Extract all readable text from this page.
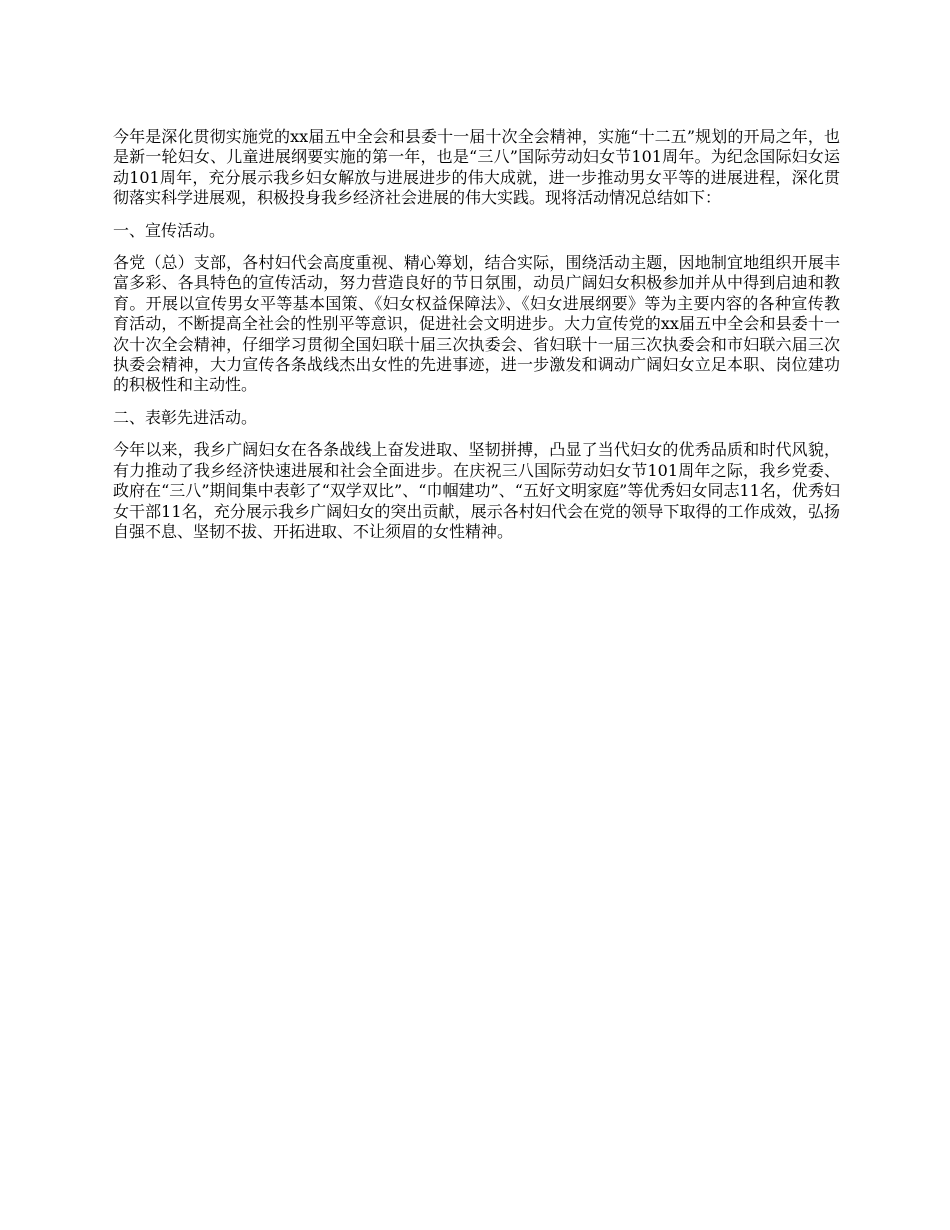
今年是深化贯彻实施党的xx届五中全会和县委十一届十次全会精神，实施“十二五”规划的开局之年，也是新一轮妇女、儿童进展纲要实施的第一年，也是“三八”国际劳动妇女节101周年。为纪念国际妇女运动101周年，充分展示我乡妇女解放与进展进步的伟大成就，进一步推动男女平等的进展进程，深化贯彻落实科学进展观，积极投身我乡经济社会进展的伟大实践。现将活动情况总结如下：

一、宣传活动。

各党（总）支部，各村妇代会高度重视、精心筹划，结合实际，围绕活动主题，因地制宜地组织开展丰富多彩、各具特色的宣传活动，努力营造良好的节日氛围，动员广阔妇女积极参加并从中得到启迪和教育。开展以宣传男女平等基本国策、《妇女权益保障法》、《妇女进展纲要》等为主要内容的各种宣传教育活动，不断提高全社会的性别平等意识，促进社会文明进步。大力宣传党的xx届五中全会和县委十一次十次全会精神，仔细学习贯彻全国妇联十届三次执委会、省妇联十一届三次执委会和市妇联六届三次执委会精神，大力宣传各条战线杰出女性的先进事迹，进一步激发和调动广阔妇女立足本职、岗位建功的积极性和主动性。

二、表彰先进活动。

今年以来，我乡广阔妇女在各条战线上奋发进取、坚韧拼搏，凸显了当代妇女的优秀品质和时代风貌，有力推动了我乡经济快速进展和社会全面进步。在庆祝三八国际劳动妇女节101周年之际，我乡党委、政府在“三八”期间集中表彰了“双学双比”、“巾帼建功”、“五好文明家庭”等优秀妇女同志11名，优秀妇女干部11名，充分展示我乡广阔妇女的突出贡献，展示各村妇代会在党的领导下取得的工作成效，弘扬自强不息、坚韧不拔、开拓进取、不让须眉的女性精神。
